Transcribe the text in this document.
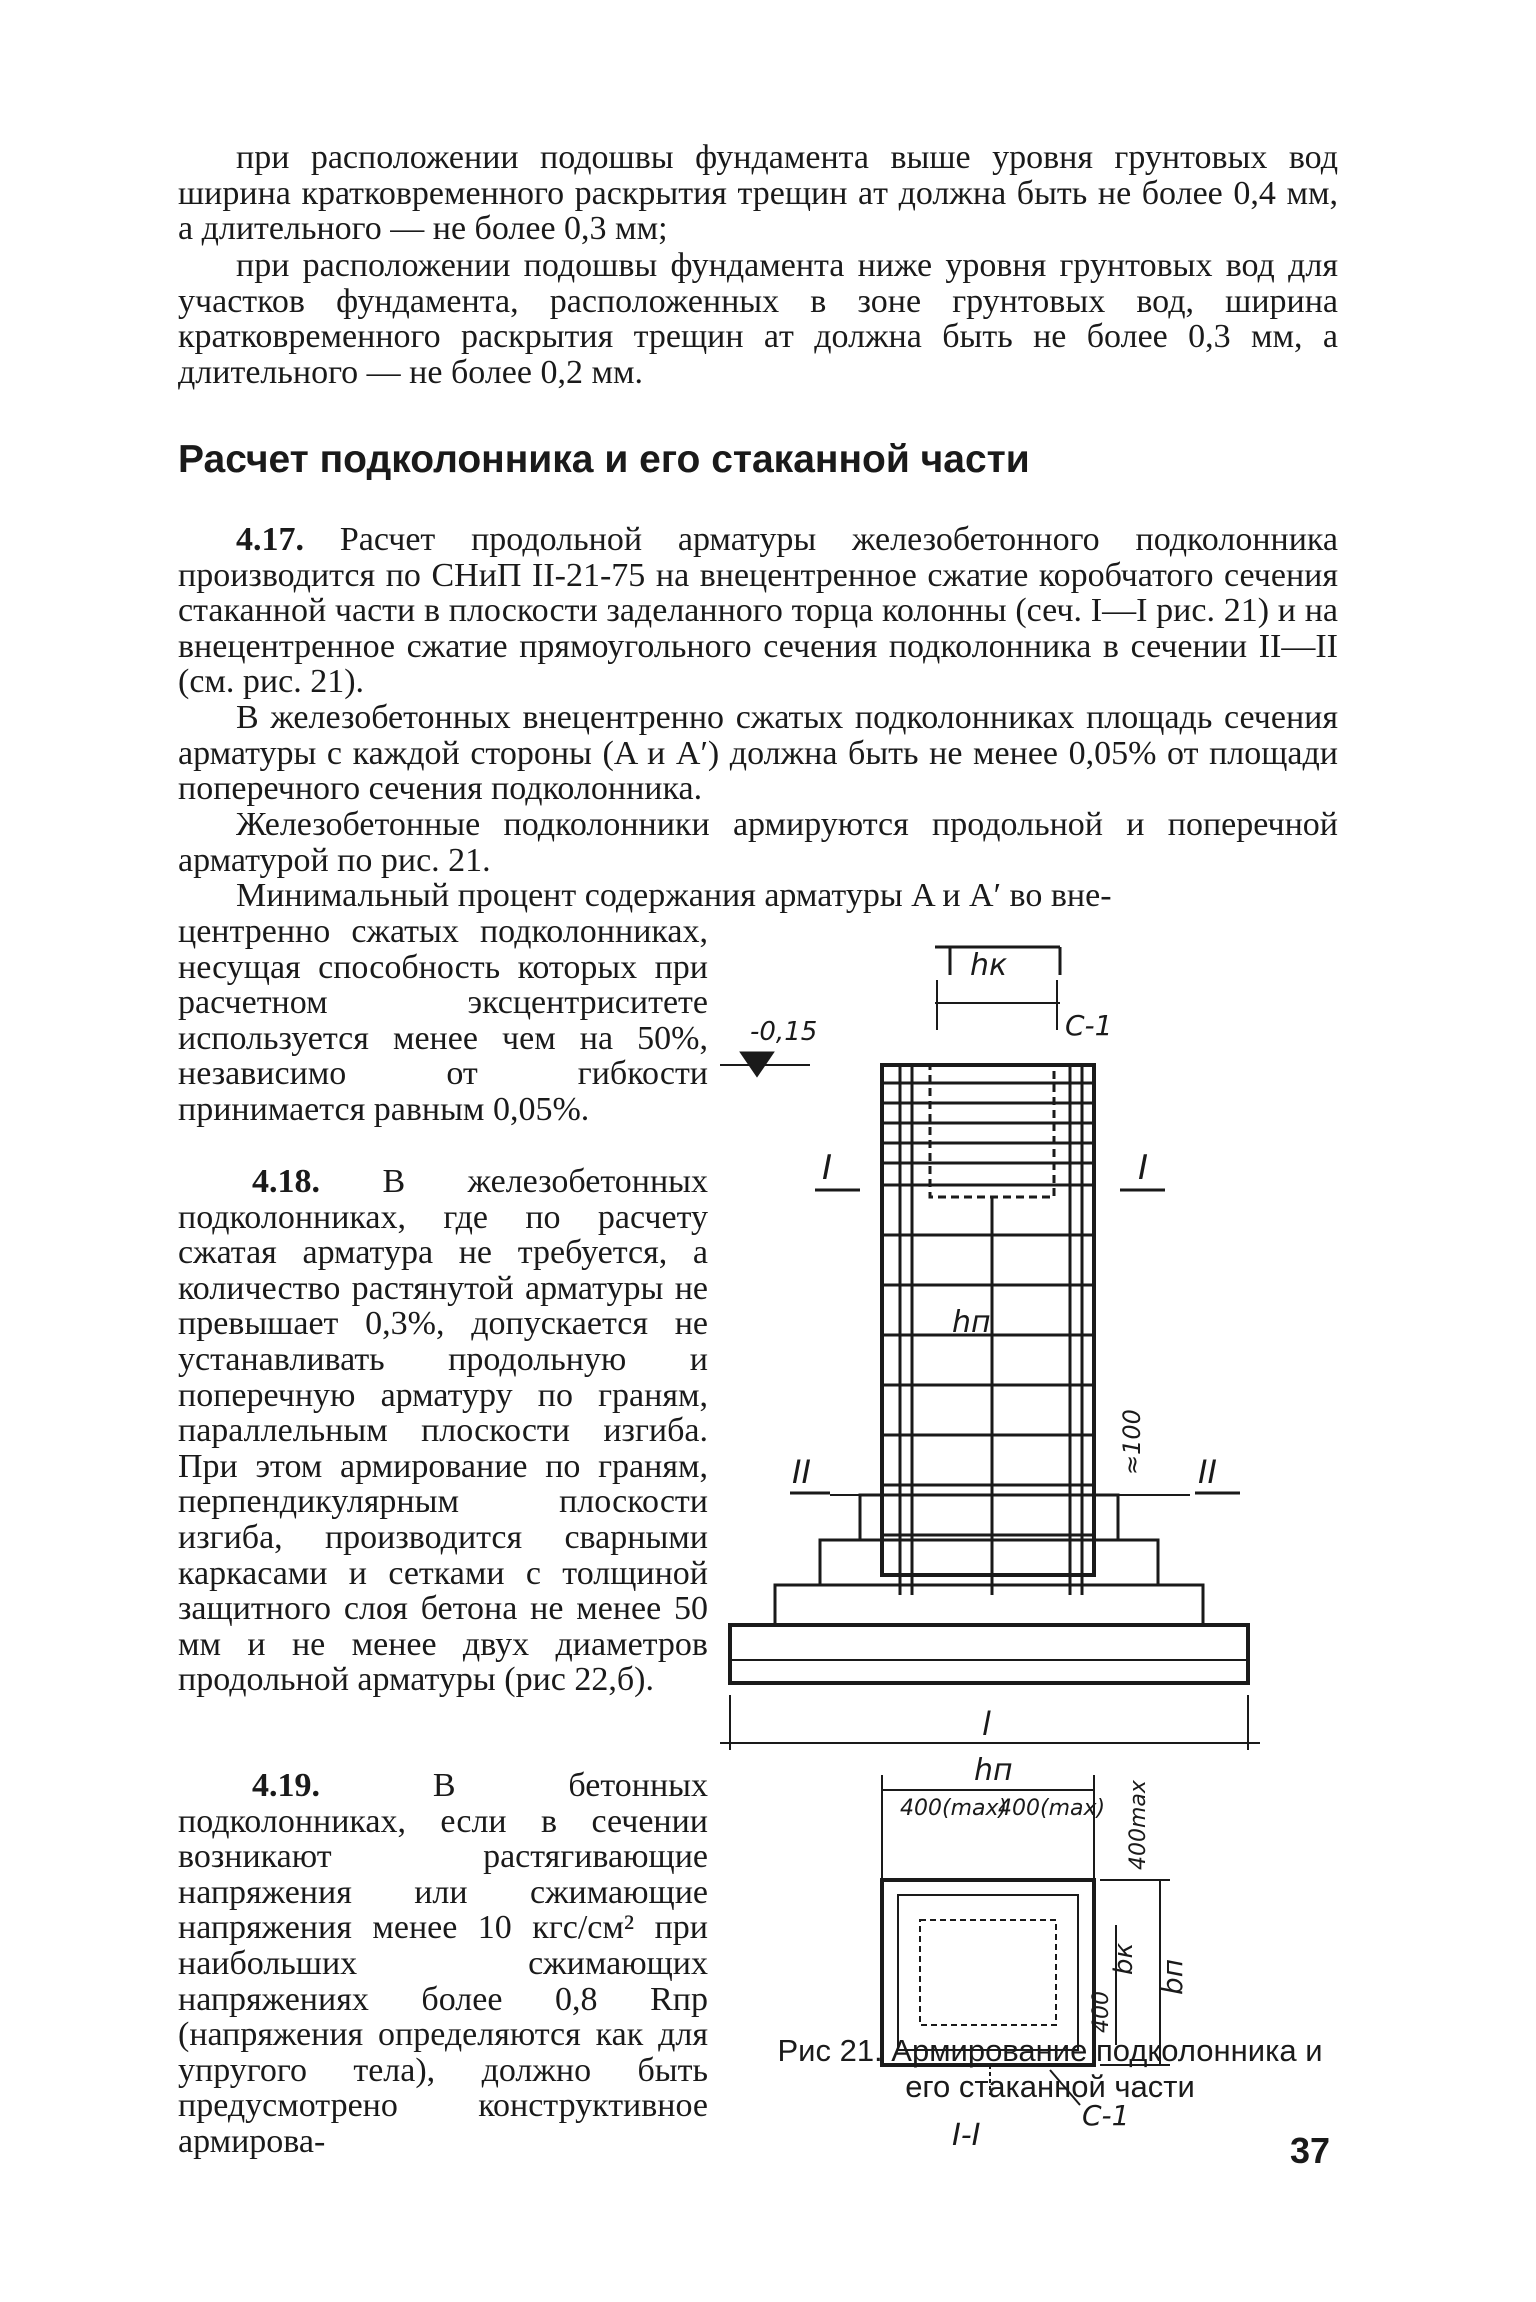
при расположении подошвы фундамента выше уровня грунтовых вод ширина кратковременного раскрытия трещин aт должна быть не более 0,4 мм, а длительного — не более 0,3 мм;

при расположении подошвы фундамента ниже уровня грунтовых вод для участков фундамента, расположенных в зоне грунтовых вод, ширина кратковременного раскрытия трещин aт должна быть не более 0,3 мм, а длительного — не более 0,2 мм.

Расчет подколонника и его стаканной части

4.17. Расчет продольной арматуры железобетонного подколонника производится по СНиП II-21-75 на внецентренное сжатие коробчатого сечения стаканной части в плоскости заделанного торца колонны (сеч. I—I рис. 21) и на внецентренное сжатие прямоугольного сечения подколонника в сечении II—II (см. рис. 21).

В железобетонных внецентренно сжатых подколонниках площадь сечения арматуры с каждой стороны (A и A′) должна быть не менее 0,05% от площади поперечного сечения подколонника.

Железобетонные подколонники армируются продольной и поперечной арматурой по рис. 21.

Минимальный процент содержания арматуры A и A′ во вне-

центренно сжатых подколонниках, несущая способность которых при расчетном эксцентриситете используется менее чем на 50%, независимо от гибкости принимается равным 0,05%.

4.18. В железобетонных подколонниках, где по расчету сжатая арматура не требуется, а количество растянутой арматуры не превышает 0,3%, допускается не устанавливать продольную и поперечную арматуру по граням, параллельным плоскости изгиба. При этом армирование по граням, перпендикулярным плоскости изгиба, производится сварными каркасами и сетками с толщиной защитного слоя бетона не менее 50 мм и не менее двух диаметров продольной арматуры (рис 22,б).

4.19.	В бетонных подколонниках, если в сечении возникают растягивающие напряжения или сжимающие напряжения менее 10 кгс/см² при наибольших сжимающих напряжениях более 0,8 Rпр (напряжения определяются как для упругого тела), должно быть предусмотрено конструктивное армирова-

hк
С-1
-0,15
I	I
hп
≈100
II	II
l
hп
400(max)
400(max) 400max
400
bп
bк
I-I
С-1

Рис 21. Армирование подколонника и его стаканной части

37
